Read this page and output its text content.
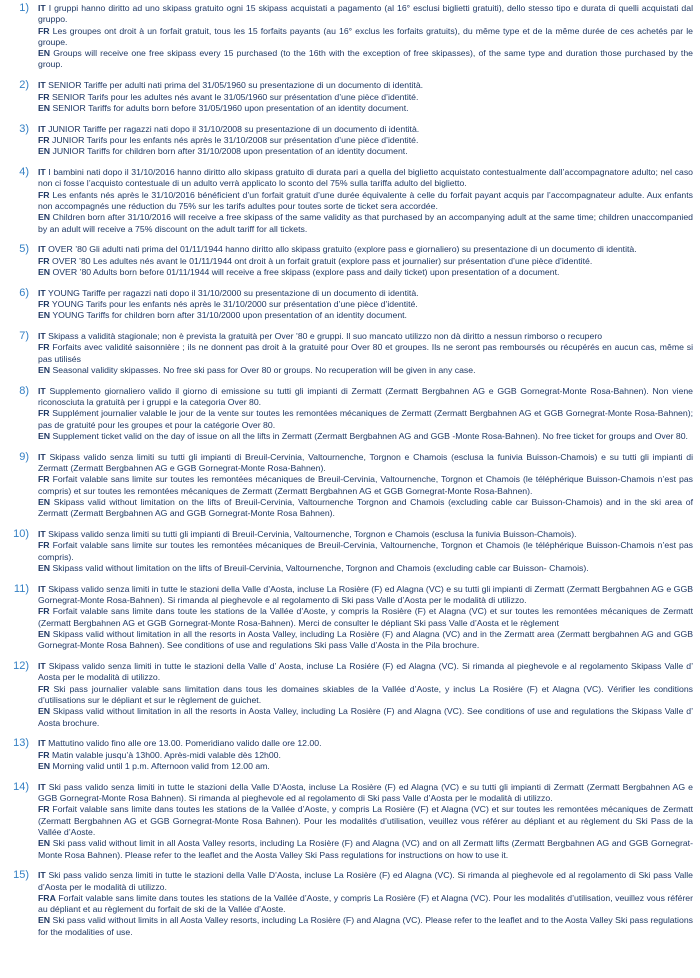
1) IT I gruppi hanno diritto ad uno skipass gratuito ogni 15 skipass acquistati a pagamento (al 16° esclusi biglietti gratuiti), dello stesso tipo e durata di quelli acquistati dal gruppo.
FR Les groupes ont droit à un forfait gratuit, tous les 15 forfaits payants (au 16° exclus les forfaits gratuits), du même type et de la même durée de ces achetés par le groupe.
EN Groups will receive one free skipass every 15 purchased (to the 16th with the exception of free skipasses), of the same type and duration those purchased by the group.
2) IT SENIOR Tariffe per adulti nati prima del 31/05/1960 su presentazione di un documento di identità.
FR SENIOR Tarifs pour les adultes nés avant le 31/05/1960 sur présentation d’une pièce d’identité.
EN SENIOR Tariffs for adults born before 31/05/1960 upon presentation of an identity document.
3) IT JUNIOR Tariffe per ragazzi nati dopo il 31/10/2008 su presentazione di un documento di identità.
FR JUNIOR Tarifs pour les enfants nés après le 31/10/2008 sur présentation d’une pièce d’identité.
EN JUNIOR Tariffs for children born after 31/10/2008 upon presentation of an identity document.
4) IT I bambini nati dopo il 31/10/2016 hanno diritto allo skipass gratuito di durata pari a quella del biglietto acquistato contestualmente dall’accompagnatore adulto; nel caso non ci fosse l’acquisto contestuale di un adulto verrà applicato lo sconto del 75% sulla tariffa adulto del biglietto.
FR Les enfants nés après le 31/10/2016 bénéficient d’un forfait gratuit d’une durée équivalente à celle du forfait payant acquis par l’accompagnateur adulte. Aux enfants non accompagnés une réduction du 75% sur les tarifs adultes pour toutes sorte de ticket sera accordée.
EN Children born after 31/10/2016 will receive a free skipass of the same validity as that purchased by an accompanying adult at the same time; children unaccompanied by an adult will receive a 75% discount on the adult tariff for all tickets.
5) IT OVER ’80 Gli adulti nati prima del 01/11/1944 hanno diritto allo skipass gratuito (explore pass e giornaliero) su presentazione di un documento di identità.
FR OVER ’80 Les adultes nés avant le 01/11/1944 ont droit à un forfait gratuit (explore pass et journalier) sur présentation d’une pièce d’identité.
EN OVER ’80 Adults born before 01/11/1944 will receive a free skipass (explore pass and daily ticket) upon presentation of a document.
6) IT YOUNG Tariffe per ragazzi nati dopo il 31/10/2000 su presentazione di un documento di identità.
FR YOUNG Tarifs pour les enfants nés après le 31/10/2000 sur présentation d’une pièce d’identité.
EN YOUNG Tariffs for children born after 31/10/2000 upon presentation of an identity document.
7) IT Skipass a validità stagionale; non è prevista la gratuità per Over ’80 e gruppi. Il suo mancato utilizzo non dà diritto a nessun rimborso o recupero
FR Forfaits avec validité saisonnière ; ils ne donnent pas droit à la gratuité pour Over 80 et groupes. Ils ne seront pas remboursés ou récupérés en aucun cas, même si pas utilisés
EN Seasonal validity skipasses. No free ski pass for Over 80 or groups. No recuperation will be given in any case.
8) IT Supplemento giornaliero valido il giorno di emissione su tutti gli impianti di Zermatt (Zermatt Bergbahnen AG e GGB Gornegrat-Monte Rosa-Bahnen). Non viene riconosciuta la gratuità per i gruppi e la categoria Over 80.
FR Supplément journalier valable le jour de la vente sur toutes les remontées mécaniques de Zermatt (Zermatt Bergbahnen AG et GGB Gornegrat-Monte Rosa-Bahnen); pas de gratuité pour les groupes et pour la catégorie Over 80.
EN Supplement ticket valid on the day of issue on all the lifts in Zermatt (Zermatt Bergbahnen AG and GGB -Monte Rosa-Bahnen). No free ticket for groups and Over 80.
9) IT Skipass valido senza limiti su tutti gli impianti di Breuil-Cervinia, Valtournenche, Torgnon e Chamois (esclusa la funivia Buisson-Chamois) e su tutti gli impianti di Zermatt (Zermatt Bergbahnen AG e GGB Gornegrat-Monte Rosa-Bahnen).
FR Forfait valable sans limite sur toutes les remontées mécaniques de Breuil-Cervinia, Valtournenche, Torgnon et Chamois (le téléphérique Buisson-Chamois n’est pas compris) et sur toutes les remontées mécaniques de Zermatt (Zermatt Bergbahnen AG et GGB Gornegrat-Monte Rosa-Bahnen).
EN Skipass valid without limitation on the lifts of Breuil-Cervinia, Valtournenche Torgnon and Chamois (excluding cable car Buisson-Chamois) and in the ski area of Zermatt (Zermatt Bergbahnen AG and GGB Gornegrat-Monte Rosa Bahnen).
10) IT Skipass valido senza limiti su tutti gli impianti di Breuil-Cervinia, Valtournenche, Torgnon e Chamois (esclusa la funivia Buisson-Chamois).
FR Forfait valable sans limite sur toutes les remontées mécaniques de Breuil-Cervinia, Valtournenche, Torgnon et Chamois (le téléphérique Buisson-Chamois n’est pas compris).
EN Skipass valid without limitation on the lifts of Breuil-Cervinia, Valtournenche, Torgnon and Chamois (excluding cable car Buisson- Chamois).
11) IT Skipass valido senza limiti in tutte le stazioni della Valle d’Aosta, incluse La Rosière (F) ed Alagna (VC) e su tutti gli impianti di Zermatt (Zermatt Bergbahnen AG e GGB Gornegrat-Monte Rosa-Bahnen). Si rimanda al pieghevole e al regolamento di Ski pass Valle d’Aosta per le modalità di utilizzo.
FR Forfait valable sans limite dans toute les stations de la Vallée d’Aoste, y compris la Rosière (F) et Alagna (VC) et sur toutes les remontées mécaniques de Zermatt (Zermatt Bergbahnen AG et GGB Gornegrat-Monte Rosa-Bahnen). Merci de consulter le dépliant Ski pass Valle d’Aosta et le règlement
EN Skipass valid without limitation in all the resorts in Aosta Valley, including La Rosière (F) and Alagna (VC) and in the Zermatt area (Zermatt bergbahnen AG and GGB Gornegrat-Monte Rosa Bahnen). See conditions of use and regulations Ski pass Valle d’Aosta in the Pila brochure.
12) IT Skipass valido senza limiti in tutte le stazioni della Valle d’ Aosta, incluse La Rosiére (F) ed Alagna (VC). Si rimanda al pieghevole e al regolamento Skipass Valle d’ Aosta per le modalità di utilizzo.
FR Ski pass journalier valable sans limitation dans tous les domaines skiables de la Vallée d’Aoste, y inclus La Rosiére (F) et Alagna (VC). Vérifier les conditions d’utilisations sur le dépliant et sur le règlement de guichet.
EN Skipass valid without limitation in all the resorts in Aosta Valley, including La Rosière (F) and Alagna (VC). See conditions of use and regulations the Skipass Valle d’ Aosta brochure.
13) IT Mattutino valido fino alle ore 13.00. Pomeridiano valido dalle ore 12.00.
FR Matin valable jusqu’à 13h00. Après-midi valable dès 12h00.
EN Morning valid until 1 p.m. Afternoon valid from 12.00 am.
14) IT Ski pass valido senza limiti in tutte le stazioni della Valle D’Aosta, incluse La Rosière (F) ed Alagna (VC) e su tutti gli impianti di Zermatt (Zermatt Bergbahnen AG e GGB Gornegrat-Monte Rosa Bahnen). Si rimanda al pieghevole ed al regolamento di Ski pass Valle d’Aosta per le modalità di utilizzo.
FR Forfait valable sans limite dans toutes les stations de la Vallée d’Aoste, y compris La Rosière (F) et Alagna (VC) et sur toutes les remontées mécaniques de Zermatt (Zermatt Bergbahnen AG et GGB Gornegrat-Monte Rosa Bahnen). Pour les modalités d’utilisation, veuillez vous référer au dépliant et au règlement du Ski Pass de la Vallée d’Aoste.
EN Ski pass valid without limit in all Aosta Valley resorts, including La Rosière (F) and Alagna (VC) and on all Zermatt lifts (Zermatt Bergbahnen AG and GGB Gornegrat-Monte Rosa Bahnen). Please refer to the leaflet and the Aosta Valley Ski Pass regulations for instructions on how to use it.
15) IT Ski pass valido senza limiti in tutte le stazioni della Valle D’Aosta, incluse La Rosière (F) ed Alagna (VC). Si rimanda al pieghevole ed al regolamento di Ski pass Valle d’Aosta per le modalità di utilizzo.
FRA Forfait valable sans limite dans toutes les stations de la Vallée d’Aoste, y compris La Rosière (F) et Alagna (VC). Pour les modalités d’utilisation, veuillez vous référer au dépliant et au règlement du forfait de ski de la Vallée d’Aoste.
EN Ski pass valid without limits in all Aosta Valley resorts, including La Rosière (F) and Alagna (VC). Please refer to the leaflet and to the Aosta Valley Ski pass regulations for the modalities of use.
